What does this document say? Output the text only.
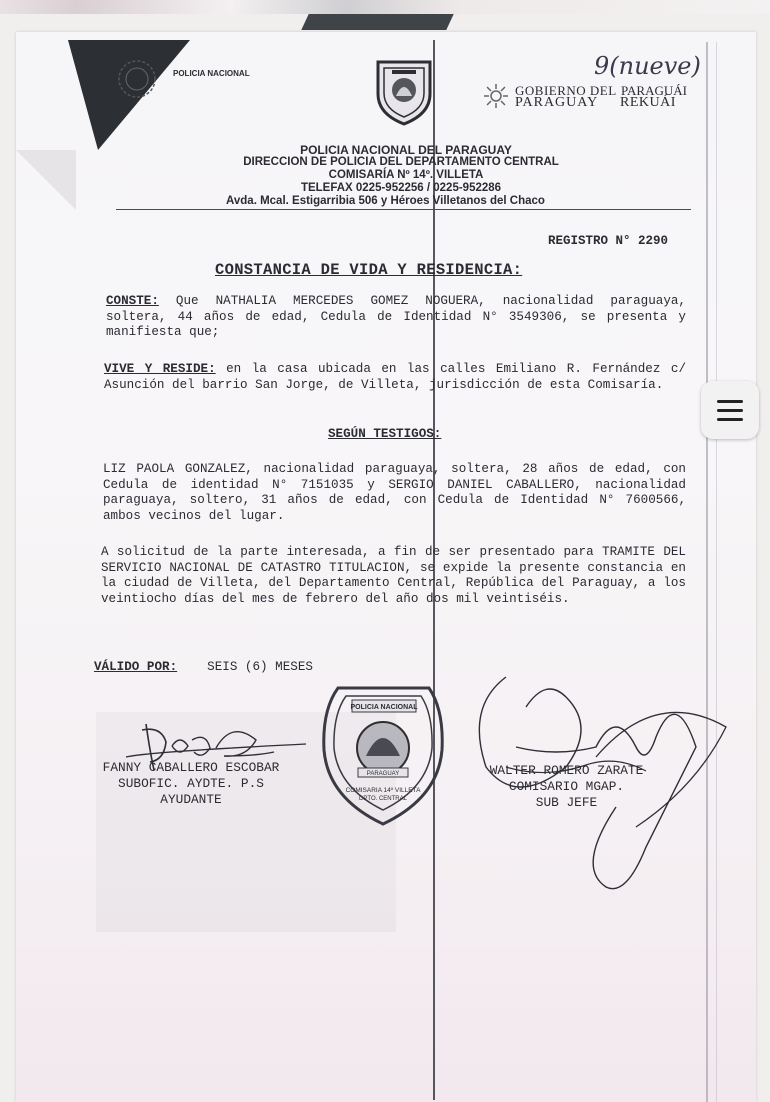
POLICIA NACIONAL
GOBIERNO DEL
PARAGUAY
PARAGUÁI
REKUÁI
9(nueve)
POLICIA NACIONAL DEL PARAGUAY
DIRECCION DE POLICIA DEL DEPARTAMENTO CENTRAL
COMISARÍA Nº 14º. VILLETA
TELEFAX 0225-952256 / 0225-952286
Avda. Mcal. Estigarribia 506 y Héroes Villetanos del Chaco
REGISTRO N° 2290
CONSTANCIA DE VIDA Y RESIDENCIA:
CONSTE: Que NATHALIA MERCEDES GOMEZ NOGUERA, nacionalidad paraguaya, soltera, 44 años de edad, Cedula de Identidad N° 3549306, se presenta y manifiesta que;
VIVE Y RESIDE: en la casa ubicada en las calles Emiliano R. Fernández c/ Asunción del barrio San Jorge, de Villeta, jurisdicción de esta Comisaría.
SEGÚN TESTIGOS:
LIZ PAOLA GONZALEZ, nacionalidad paraguaya, soltera, 28 años de edad, con Cedula de identidad N° 7151035 y SERGIO DANIEL CABALLERO, nacionalidad paraguaya, soltero, 31 años de edad, con Cedula de Identidad N° 7600566, ambos vecinos del lugar.
A solicitud de la parte interesada, a fin de ser presentado para TRAMITE DEL SERVICIO NACIONAL DE CATASTRO TITULACION, se expide la presente constancia en la ciudad de Villeta, del Departamento Central, República del Paraguay, a los veintiocho días del mes de febrero del año dos mil veintiséis.
VÁLIDO POR: SEIS (6) MESES
POLICIA NACIONAL
PARAGUAY
COMISARIA 14º VILLETA
DPTO. CENTRAL
FANNY CABALLERO ESCOBAR
SUBOFIC. AYDTE. P.S
AYUDANTE
WALTER ROMERO ZARATE
COMISARIO MGAP.
SUB JEFE
